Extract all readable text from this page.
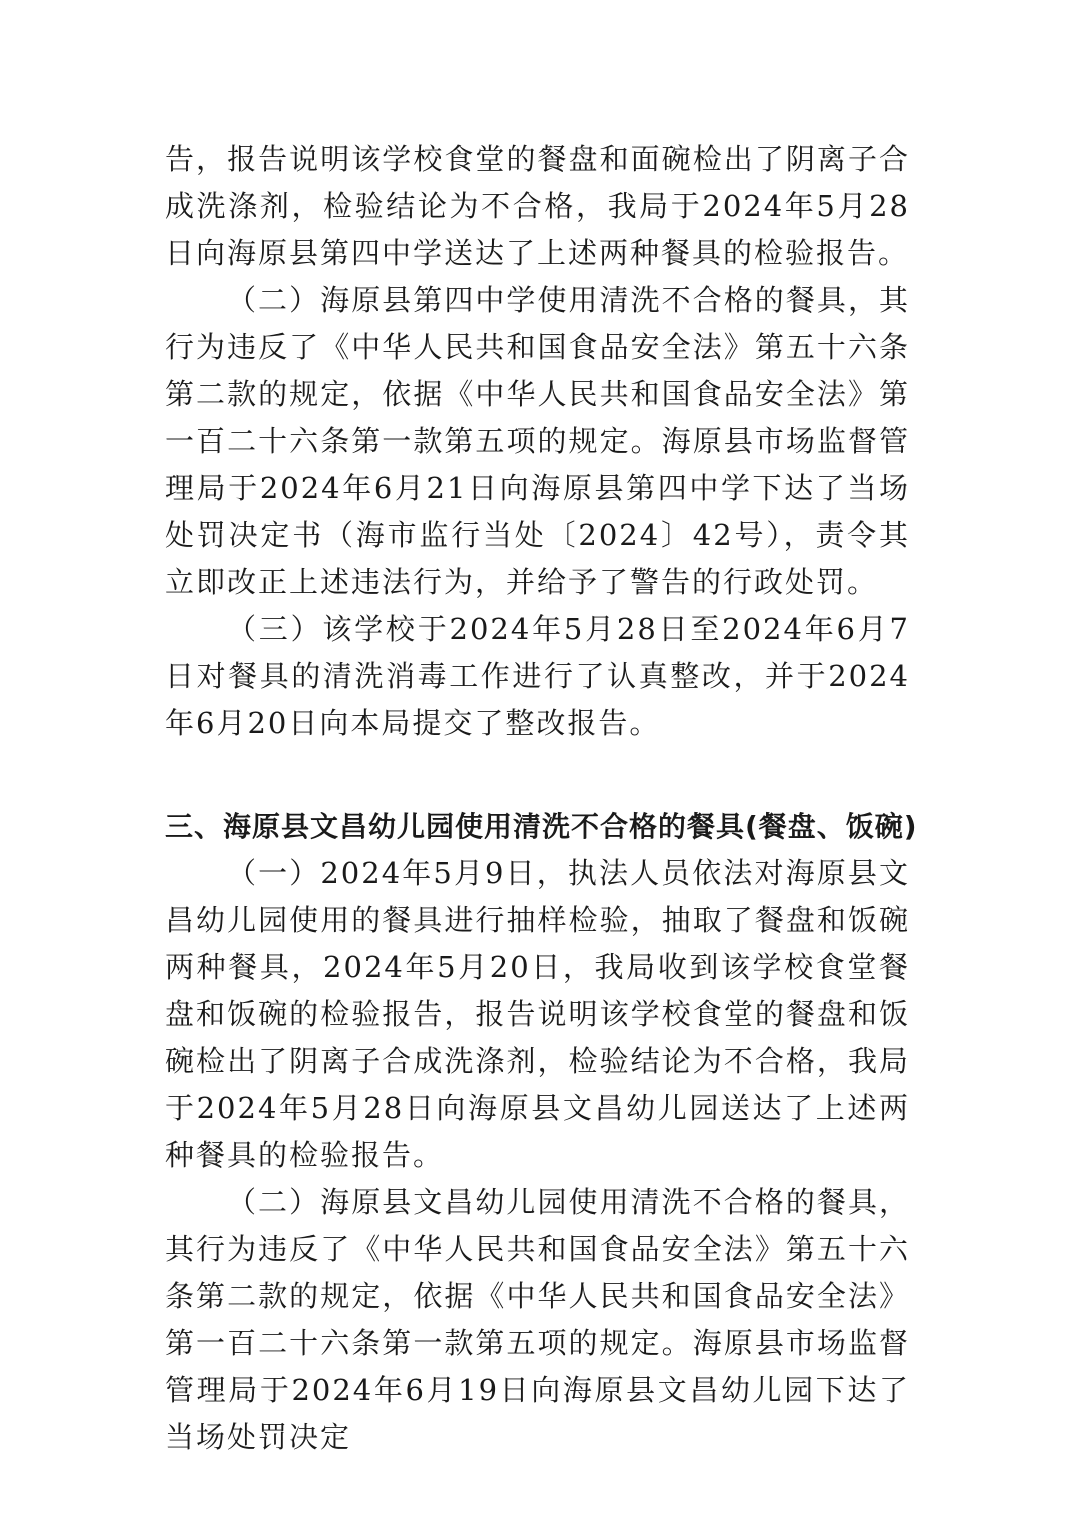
告，报告说明该学校食堂的餐盘和面碗检出了阴离子合成洗涤剂，检验结论为不合格，我局于2024年5月28日向海原县第四中学送达了上述两种餐具的检验报告。

（二）海原县第四中学使用清洗不合格的餐具，其行为违反了《中华人民共和国食品安全法》第五十六条第二款的规定，依据《中华人民共和国食品安全法》第一百二十六条第一款第五项的规定。海原县市场监督管理局于2024年6月21日向海原县第四中学下达了当场处罚决定书（海市监行当处〔2024〕42号），责令其立即改正上述违法行为，并给予了警告的行政处罚。

（三）该学校于2024年5月28日至2024年6月7日对餐具的清洗消毒工作进行了认真整改，并于2024年6月20日向本局提交了整改报告。

三、海原县文昌幼儿园使用清洗不合格的餐具(餐盘、饭碗)

（一）2024年5月9日，执法人员依法对海原县文昌幼儿园使用的餐具进行抽样检验，抽取了餐盘和饭碗两种餐具，2024年5月20日，我局收到该学校食堂餐盘和饭碗的检验报告，报告说明该学校食堂的餐盘和饭碗检出了阴离子合成洗涤剂，检验结论为不合格，我局于2024年5月28日向海原县文昌幼儿园送达了上述两种餐具的检验报告。

（二）海原县文昌幼儿园使用清洗不合格的餐具，其行为违反了《中华人民共和国食品安全法》第五十六条第二款的规定，依据《中华人民共和国食品安全法》第一百二十六条第一款第五项的规定。海原县市场监督管理局于2024年6月19日向海原县文昌幼儿园下达了当场处罚决定
